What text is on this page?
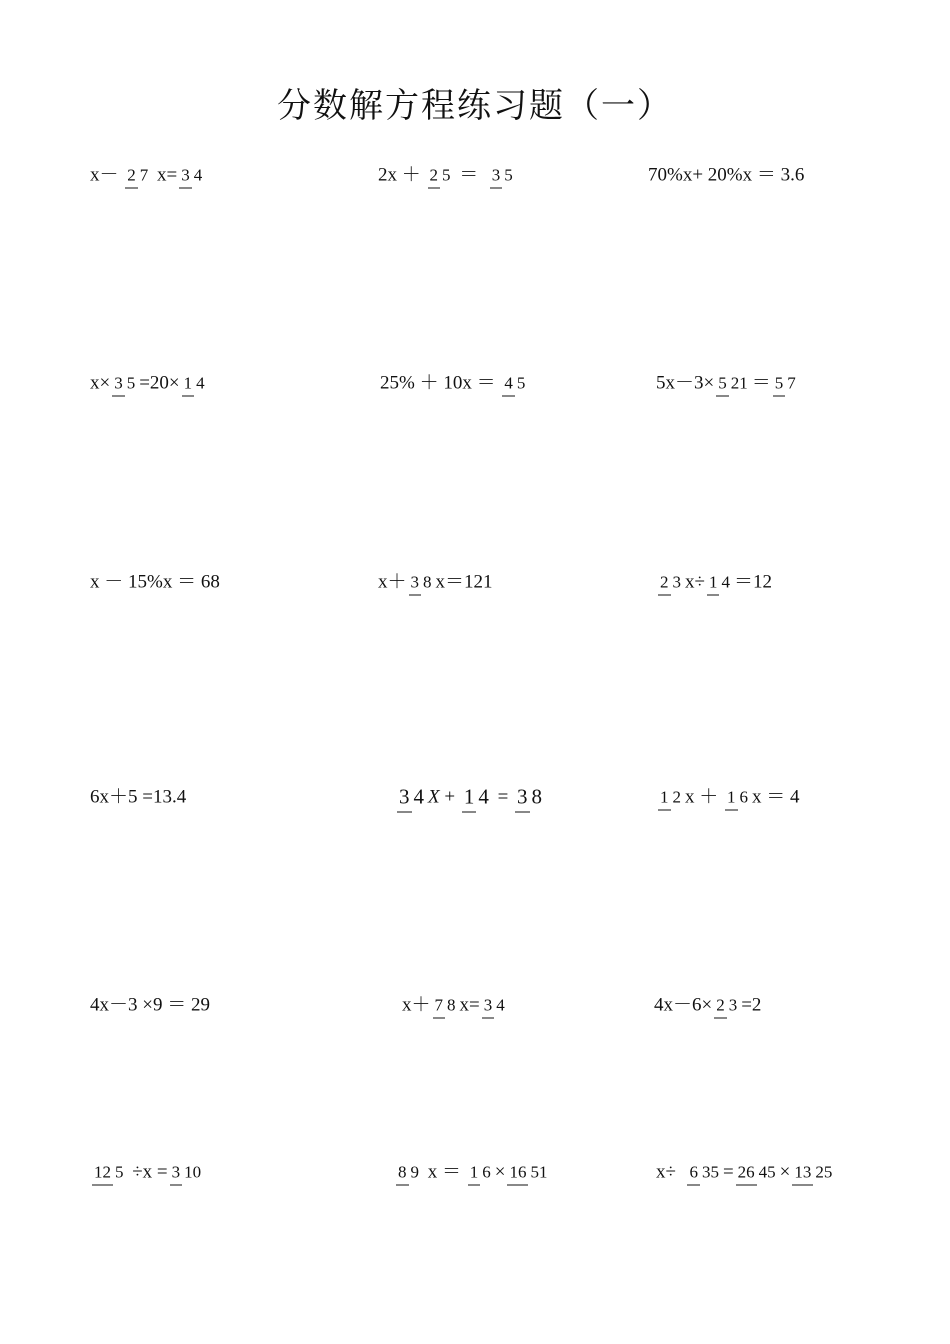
分数解方程练习题（一）
x－ 2 7 x= 3 4	2x ＋ 2 5 ＝ 3 5	70%x+ 20%x ＝ 3.6
x× 3 5 =20× 1 4	25% ＋ 10x ＝ 4 5	5x－3× 5 21 ＝ 5 7
x － 15%x ＝ 68	x＋ 3 8 x＝121	2 3 x÷ 1 4 ＝12
6x＋5 =13.4	3 4 X + 1 4 = 3 8	1 2 x ＋ 1 6 x ＝ 4
4x－3 ×9 ＝ 29	x＋ 7 8 x= 3 4	4x－6× 2 3 =2
12 5 ÷x = 3 10	8 9 x ＝ 1 6 × 16 51	x÷ 6 35 = 26 45 × 13 25
